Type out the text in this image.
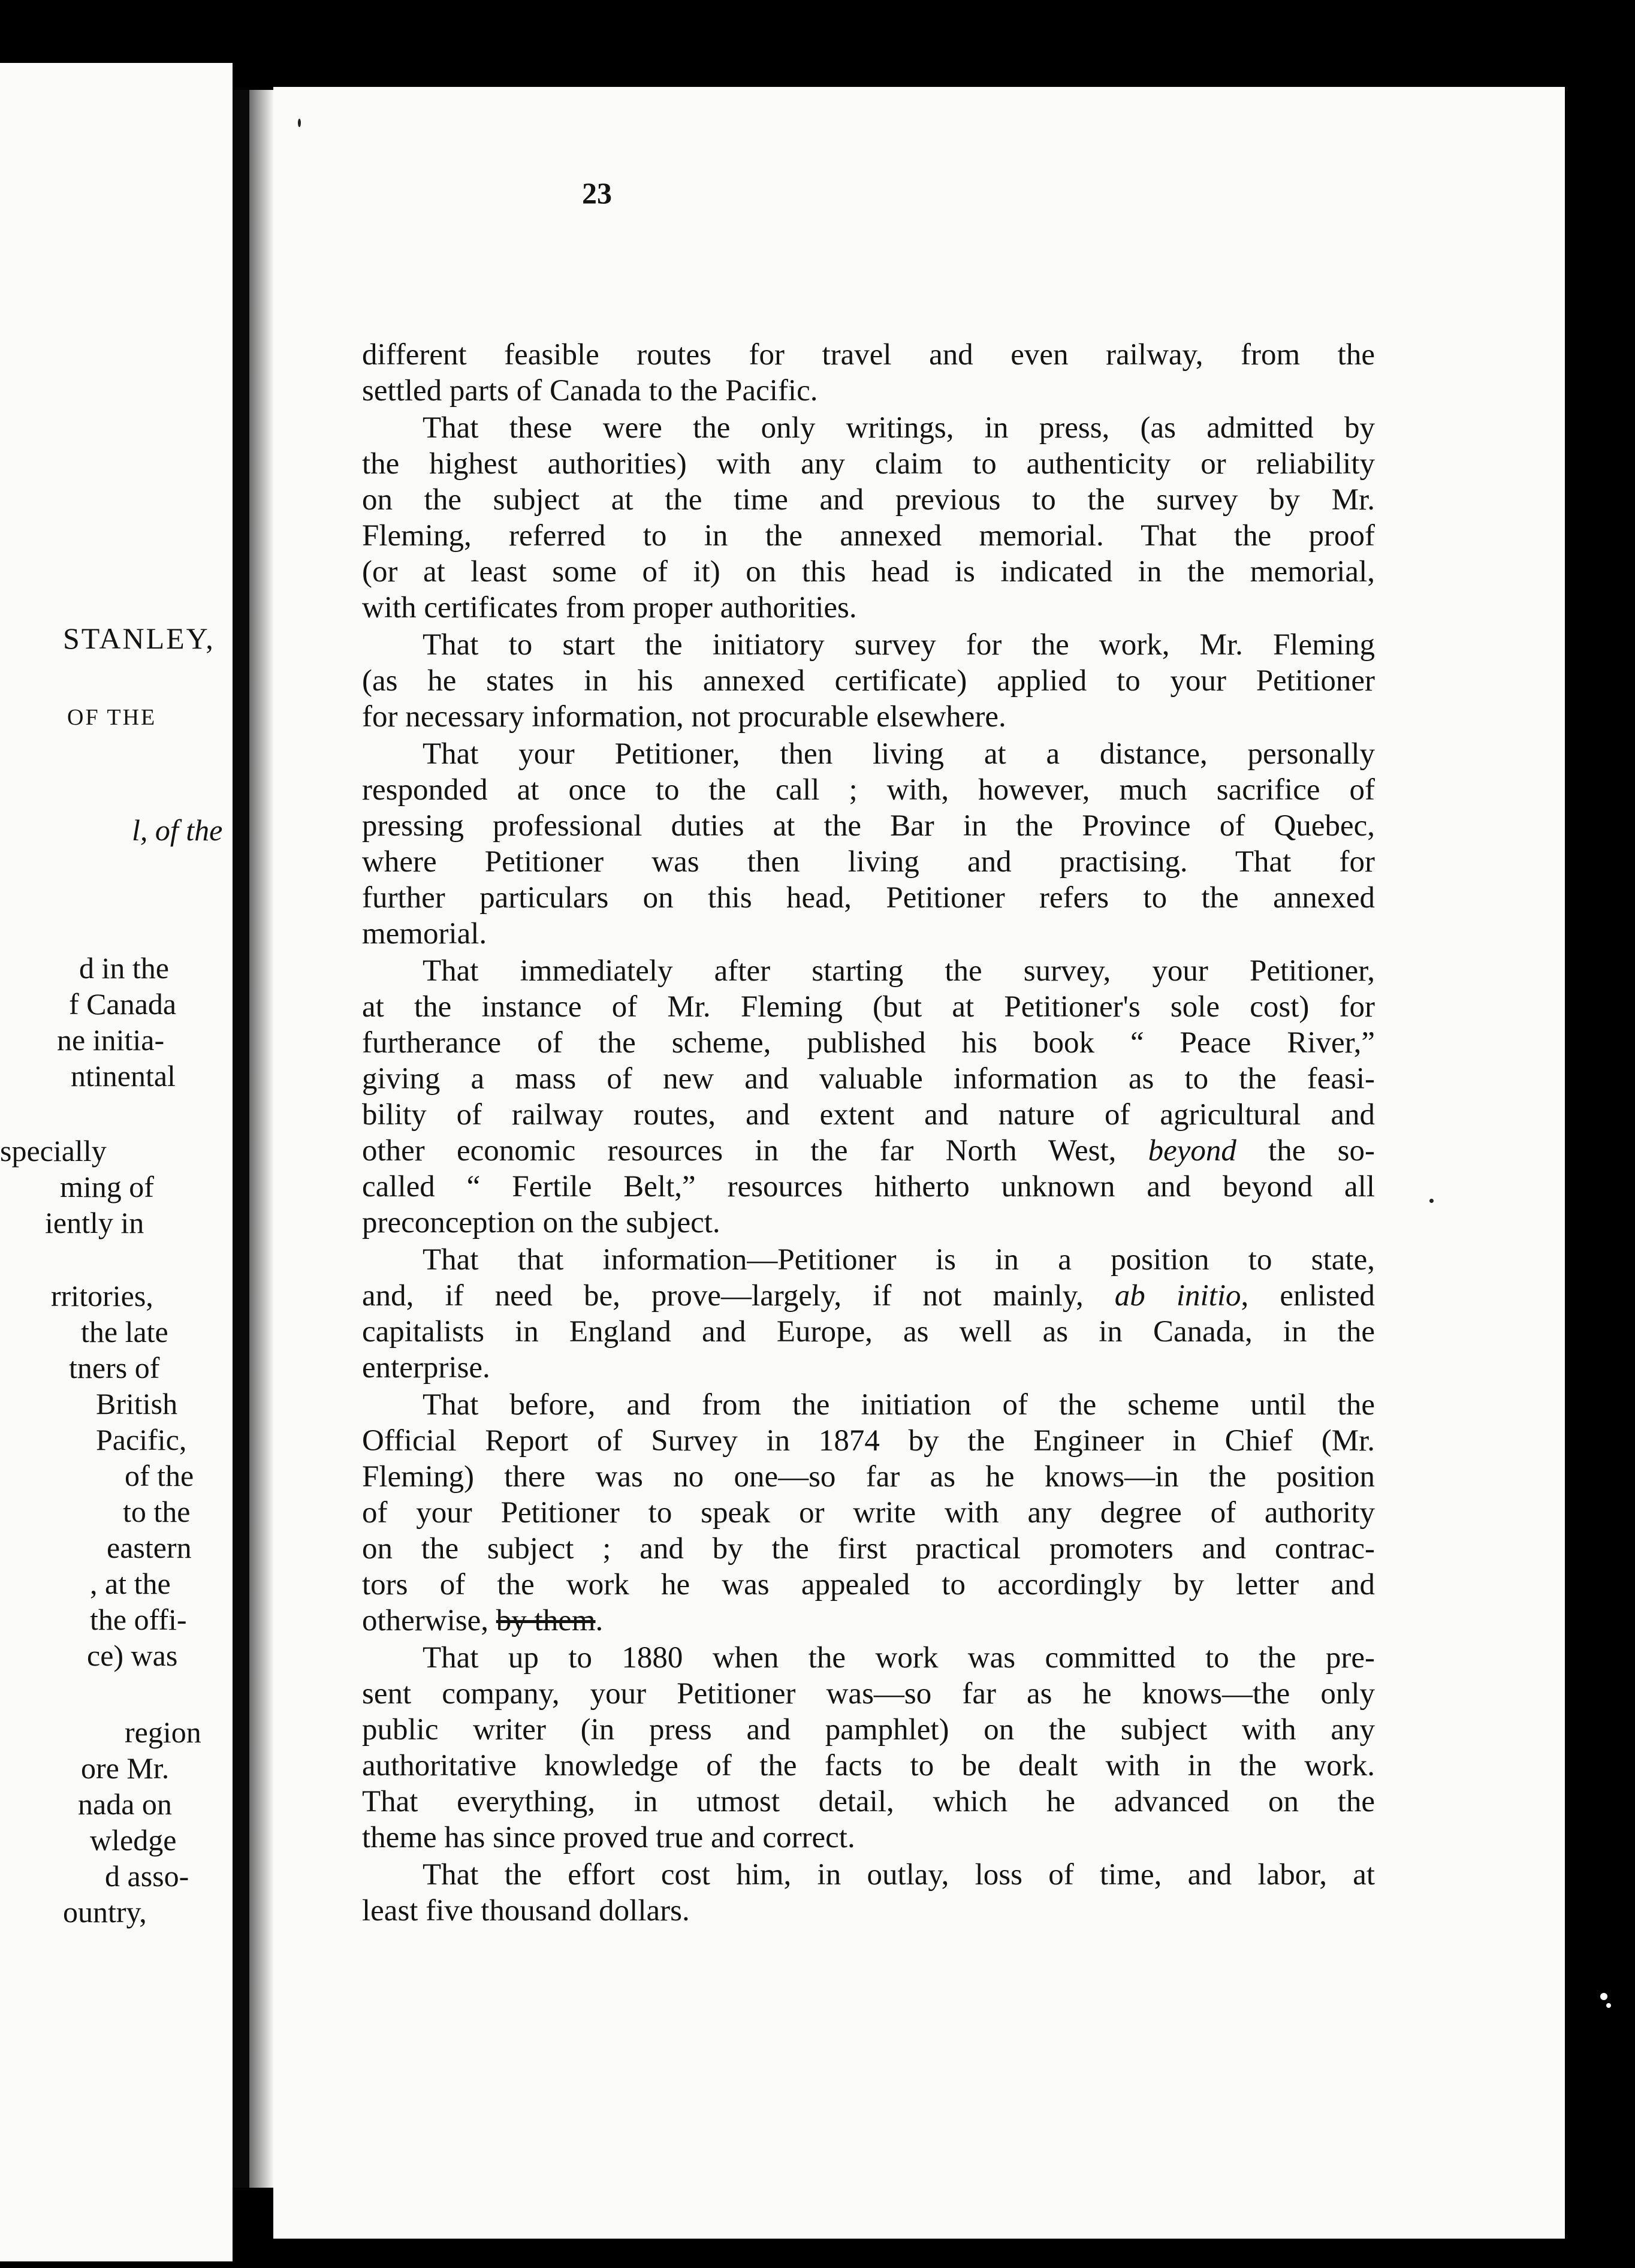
STANLEY,
OF THE
l, of the
d in the
f Canada
ne initia-
ntinental
specially
ming of
iently in
rritories,
the late
tners of
British
Pacific,
of the
to the
eastern
, at the
the offi-
ce) was
region
ore Mr.
nada on
wledge
d asso-
ountry,
23
different feasible routes for travel and even railway, from the
settled parts of Canada to the Pacific.
That these were the only writings, in press, (as admitted by
the highest authorities) with any claim to authenticity or reliability
on the subject at the time and previous to the survey by Mr.
Fleming, referred to in the annexed memorial. That the proof
(or at least some of it) on this head is indicated in the memorial,
with certificates from proper authorities.
That to start the initiatory survey for the work, Mr. Fleming
(as he states in his annexed certificate) applied to your Petitioner
for necessary information, not procurable elsewhere.
That your Petitioner, then living at a distance, personally
responded at once to the call ; with, however, much sacrifice of
pressing professional duties at the Bar in the Province of Quebec,
where Petitioner was then living and practising. That for
further particulars on this head, Petitioner refers to the annexed
memorial.
That immediately after starting the survey, your Petitioner,
at the instance of Mr. Fleming (but at Petitioner's sole cost) for
furtherance of the scheme, published his book “ Peace River,”
giving a mass of new and valuable information as to the feasi-
bility of railway routes, and extent and nature of agricultural and
other economic resources in the far North West, beyond the so-
called “ Fertile Belt,” resources hitherto unknown and beyond all
preconception on the subject.
That that information—Petitioner is in a position to state,
and, if need be, prove—largely, if not mainly, ab initio, enlisted
capitalists in England and Europe, as well as in Canada, in the
enterprise.
That before, and from the initiation of the scheme until the
Official Report of Survey in 1874 by the Engineer in Chief (Mr.
Fleming) there was no one—so far as he knows—in the position
of your Petitioner to speak or write with any degree of authority
on the subject ; and by the first practical promoters and contrac-
tors of the work he was appealed to accordingly by letter and
otherwise, by them.
That up to 1880 when the work was committed to the pre-
sent company, your Petitioner was—so far as he knows—the only
public writer (in press and pamphlet) on the subject with any
authoritative knowledge of the facts to be dealt with in the work.
That everything, in utmost detail, which he advanced on the
theme has since proved true and correct.
That the effort cost him, in outlay, loss of time, and labor, at
least five thousand dollars.
